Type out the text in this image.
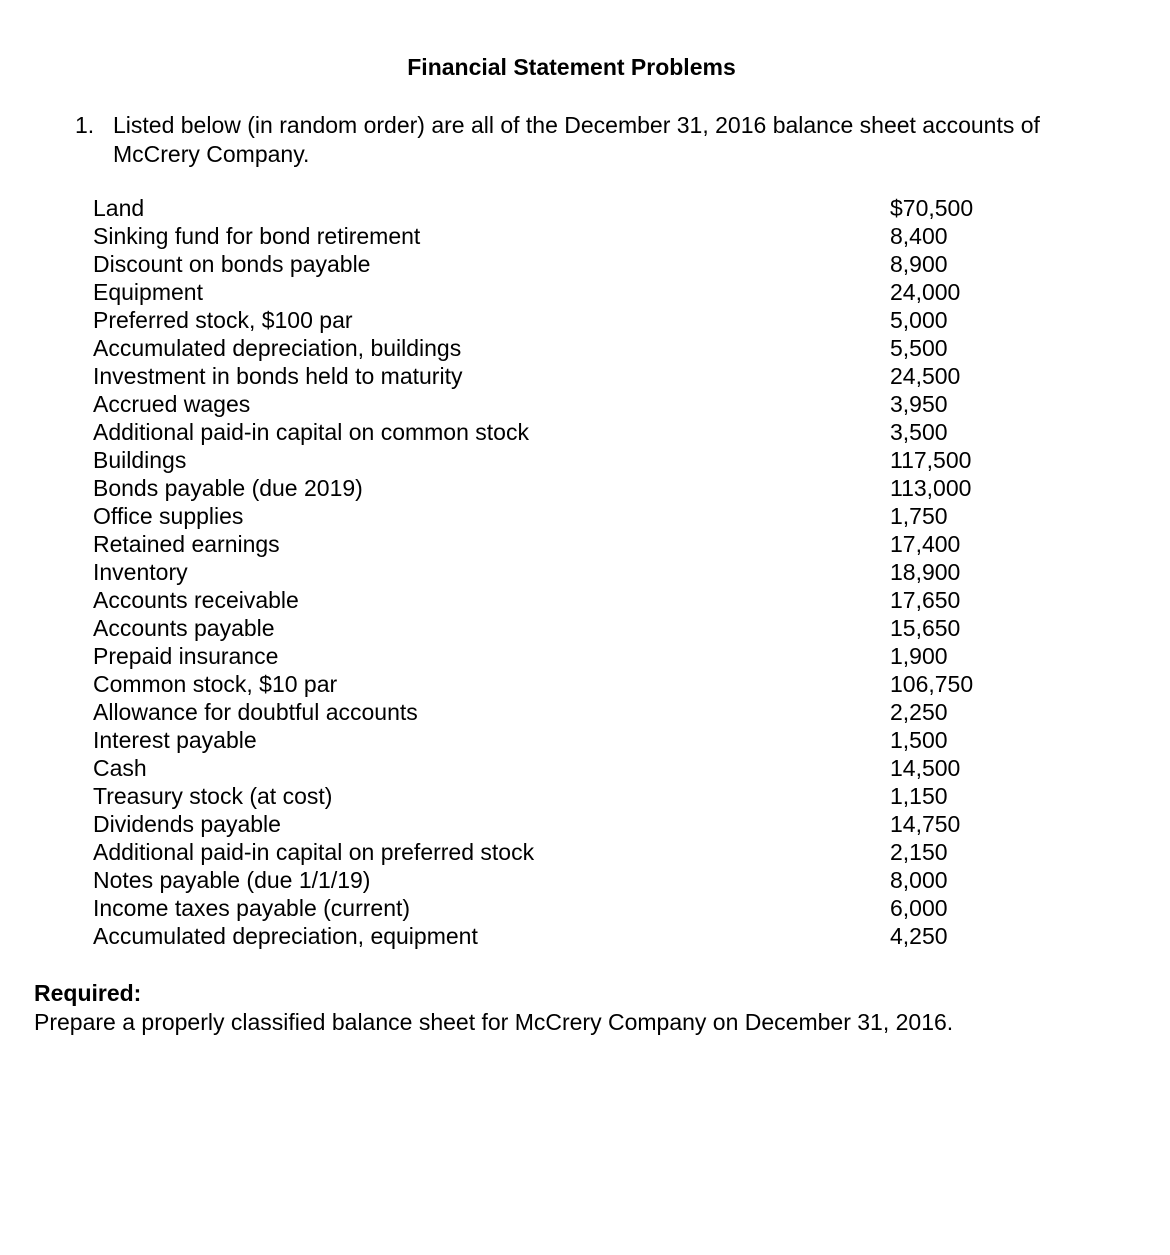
Financial Statement Problems
1. Listed below (in random order) are all of the December 31, 2016 balance sheet accounts of McCrery Company.
Land	$70,500
Sinking fund for bond retirement	8,400
Discount on bonds payable	8,900
Equipment	24,000
Preferred stock, $100 par	5,000
Accumulated depreciation, buildings	5,500
Investment in bonds held to maturity	24,500
Accrued wages	3,950
Additional paid-in capital on common stock	3,500
Buildings	117,500
Bonds payable (due 2019)	113,000
Office supplies	1,750
Retained earnings	17,400
Inventory	18,900
Accounts receivable	17,650
Accounts payable	15,650
Prepaid insurance	1,900
Common stock, $10 par	106,750
Allowance for doubtful accounts	2,250
Interest payable	1,500
Cash	14,500
Treasury stock (at cost)	1,150
Dividends payable	14,750
Additional paid-in capital on preferred stock	2,150
Notes payable (due 1/1/19)	8,000
Income taxes payable (current)	6,000
Accumulated depreciation, equipment	4,250
Required:
Prepare a properly classified balance sheet for McCrery Company on December 31, 2016.
